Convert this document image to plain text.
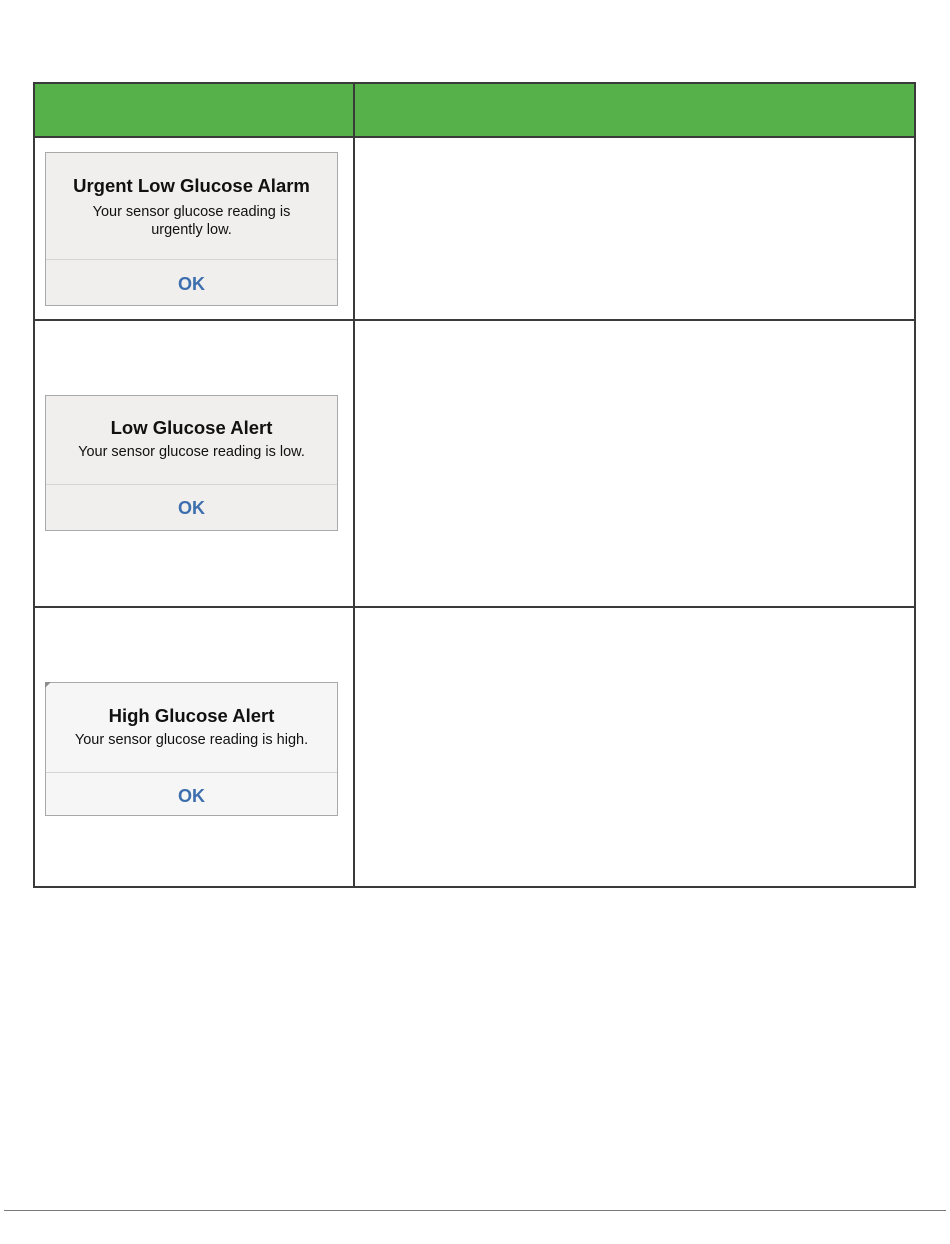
Urgent Low Glucose Alarm
Your sensor glucose reading is urgently low.
OK
Low Glucose Alert
Your sensor glucose reading is low.
OK
High Glucose Alert
Your sensor glucose reading is high.
OK
